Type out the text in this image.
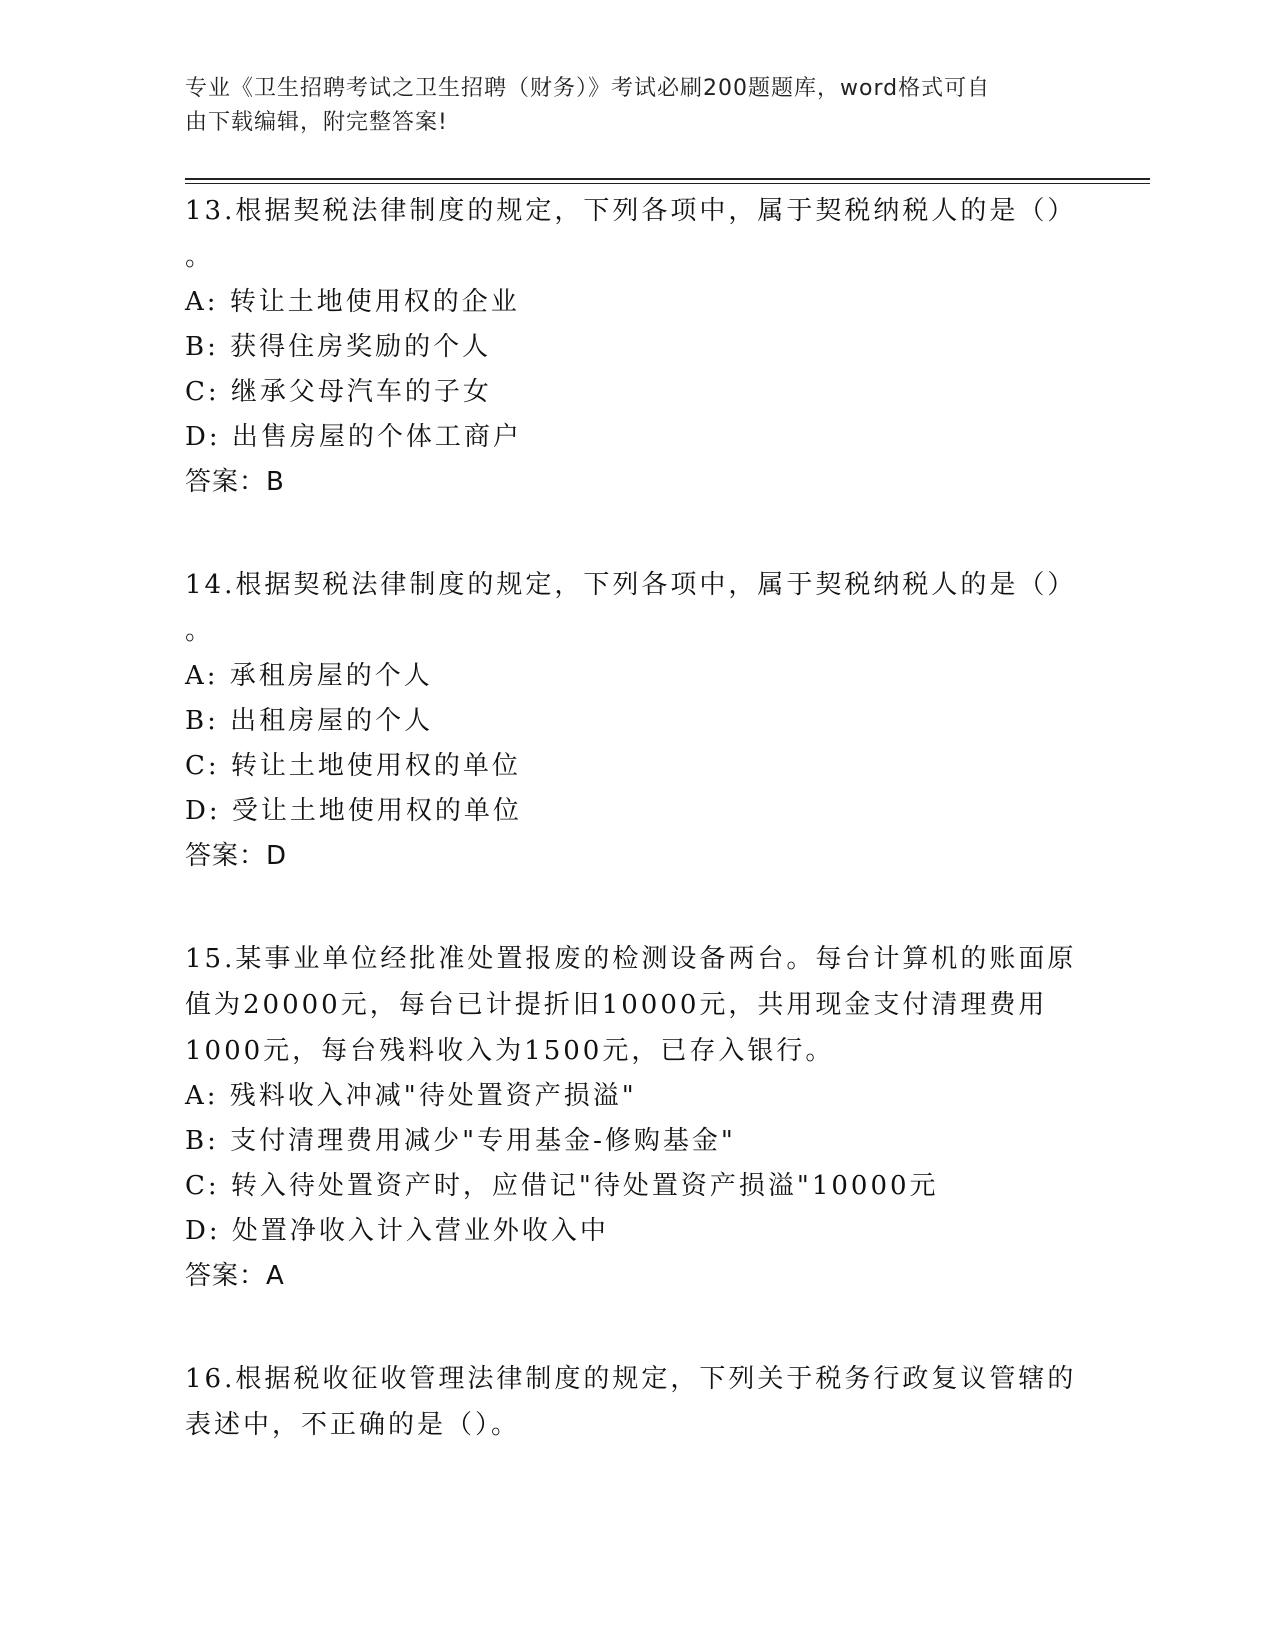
专业《卫生招聘考试之卫生招聘（财务）》考试必刷200题题库，word格式可自
由下载编辑，附完整答案!
13.根据契税法律制度的规定，下列各项中，属于契税纳税人的是（）
。
A: 转让土地使用权的企业
B: 获得住房奖励的个人
C: 继承父母汽车的子女
D: 出售房屋的个体工商户
答案：B
14.根据契税法律制度的规定，下列各项中，属于契税纳税人的是（）
。
A: 承租房屋的个人
B: 出租房屋的个人
C: 转让土地使用权的单位
D: 受让土地使用权的单位
答案：D
15.某事业单位经批准处置报废的检测设备两台。每台计算机的账面原
值为20000元，每台已计提折旧10000元，共用现金支付清理费用
1000元，每台残料收入为1500元，已存入银行。
A: 残料收入冲减"待处置资产损溢"
B: 支付清理费用减少"专用基金-修购基金"
C: 转入待处置资产时，应借记"待处置资产损溢"10000元
D: 处置净收入计入营业外收入中
答案：A
16.根据税收征收管理法律制度的规定，下列关于税务行政复议管辖的
表述中，不正确的是（）。
